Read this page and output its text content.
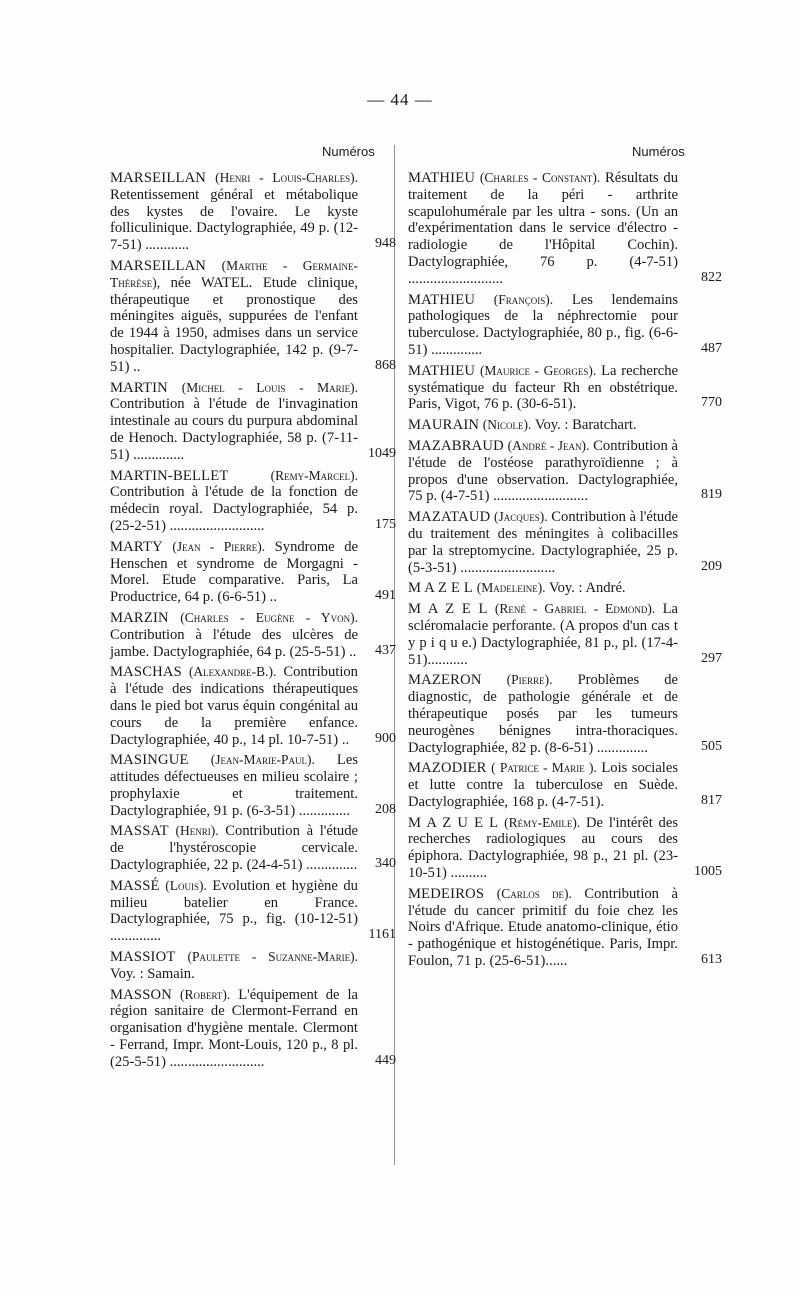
— 44 —
Numéros	Numéros
MARSEILLAN (Henri - Louis-Charles). Retentissement général et métabolique des kystes de l'ovaire. Le kyste folliculinique. Dactylographiée, 49 p. (12-7-51) ............	948
MARSEILLAN (Marthe - Germaine-Thérèse), née WATEL. Etude clinique, thérapeutique et pronostique des méningites aiguës, suppurées de l'enfant de 1944 à 1950, admises dans un service hospitalier. Dactylographiée, 142 p. (9-7-51) ..	868
MARTIN (Michel - Louis - Marie). Contribution à l'étude de l'invagination intestinale au cours du purpura abdominal de Henoch. Dactylographiée, 58 p. (7-11-51) ..............	1049
MARTIN-BELLET	(Remy-Marcel). Contribution à l'étude de la fonction de médecin royal. Dactylographiée, 54 p. (25-2-51) ..........................	175
MARTY (Jean - Pierre). Syndrome de Henschen et syndrome de Morgagni - Morel. Etude comparative. Paris, La Productrice, 64 p. (6-6-51) ..	491
MARZIN (Charles - Eugène - Yvon). Contribution à l'étude des ulcères de jambe. Dactylographiée, 64 p. (25-5-51) ..	437
MASCHAS (Alexandre-B.). Contribution à l'étude des indications thérapeutiques dans le pied bot varus équin congénital au cours de la première enfance. Dactylographiée, 40 p., 14 pl. 10-7-51) ..	900
MASINGUE (Jean-Marie-Paul). Les attitudes défectueuses en milieu scolaire ; prophylaxie et traitement. Dactylographiée, 91 p. (6-3-51) ..............	208
MASSAT (Henri). Contribution à l'étude de l'hystéroscopie cervicale. Dactylographiée, 22 p. (24-4-51) ..............	340
MASSÉ (Louis). Evolution et hygiène du milieu batelier en France. Dactylographiée, 75 p., fig. (10-12-51) ..............	1161
MASSIOT (Paulette - Suzanne-Marie). Voy. : Samain.
MASSON (Robert). L'équipement de la région sanitaire de Clermont-Ferrand en organisation d'hygiène mentale. Clermont - Ferrand, Impr. Mont-Louis, 120 p., 8 pl. (25-5-51) ..........................	449
MATHIEU (Charles - Constant). Résultats du traitement de la péri - arthrite scapulohumérale par les ultra - sons. (Un an d'expérimentation dans le service d'électro - radiologie de l'Hôpital Cochin). Dactylographiée, 76 p. (4-7-51) ..........................	822
MATHIEU (François). Les lendemains pathologiques de la néphrectomie pour tuberculose. Dactylographiée, 80 p., fig. (6-6-51) ..............	487
MATHIEU (Maurice - Georges). La recherche systématique du facteur Rh en obstétrique. Paris, Vigot, 76 p. (30-6-51).	770
MAURAIN (Nicole). Voy. : Baratchart.
MAZABRAUD (André - Jean). Contribution à l'étude de l'ostéose parathyroïdienne ; à propos d'une observation. Dactylographiée, 75 p. (4-7-51) ..........................	819
MAZATAUD (Jacques). Contribution à l'étude du traitement des méningites à colibacilles par la streptomycine. Dactylographiée, 25 p. (5-3-51) ..........................	209
M A Z E L (Madeleine). Voy. : André.
M A Z E L (René - Gabriel - Edmond). La scléromalacie perforante. (A propos d'un cas t y p i q u e.) Dactylographiée, 81 p., pl. (17-4-51)...........	297
MAZERON (Pierre). Problèmes de diagnostic, de pathologie générale et de thérapeutique posés par les tumeurs neurogènes bénignes intra-thoraciques. Dactylographiée, 82 p. (8-6-51) ..............	505
MAZODIER ( Patrice - Marie ). Lois sociales et lutte contre la tuberculose en Suède. Dactylographiée, 168 p. (4-7-51).	817
M A Z U E L (Rémy-Emile). De l'intérêt des recherches radiologiques au cours des épiphora. Dactylographiée, 98 p., 21 pl. (23-10-51) ..........	1005
MEDEIROS (Carlos de). Contribution à l'étude du cancer primitif du foie chez les Noirs d'Afrique. Etude anatomo-clinique, étio - pathogénique et histogénétique. Paris, Impr. Foulon, 71 p. (25-6-51)......	613
